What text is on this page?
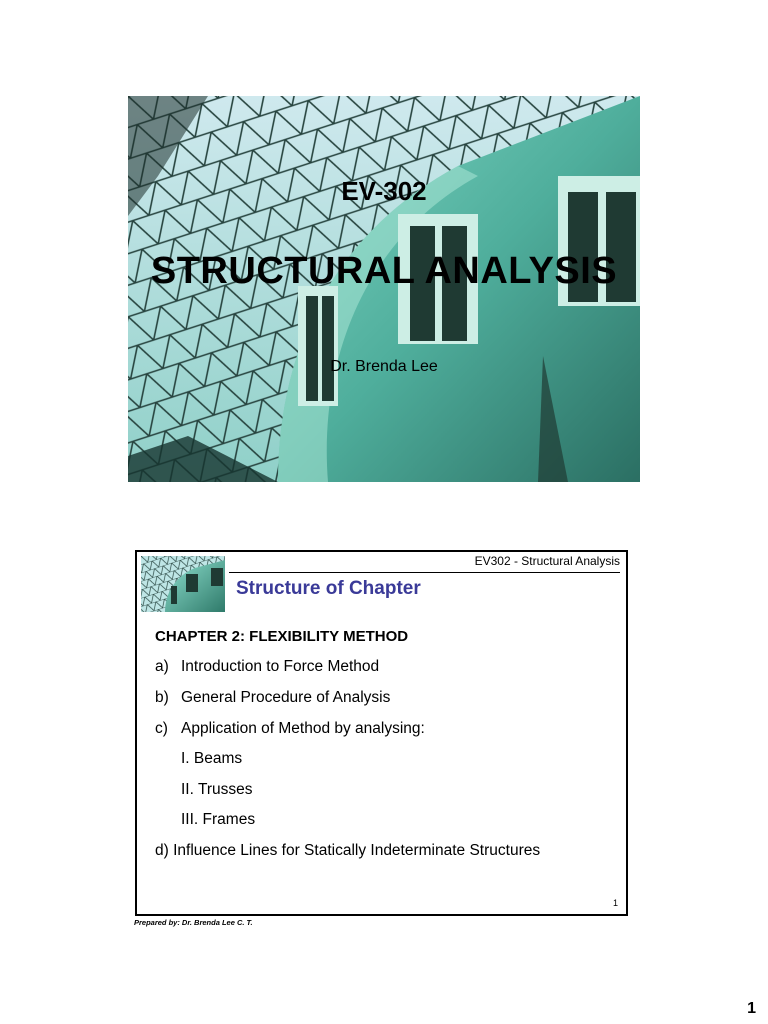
EV-302
STRUCTURAL ANALYSIS
Dr. Brenda Lee
EV302 - Structural Analysis
Structure of Chapter
CHAPTER 2: FLEXIBILITY METHOD
a) Introduction to Force Method
b) General Procedure of Analysis
c) Application of Method by analysing:
I. Beams
II. Trusses
III. Frames
d) Influence Lines for Statically Indeterminate Structures
1
Prepared by: Dr. Brenda Lee C. T.
1
